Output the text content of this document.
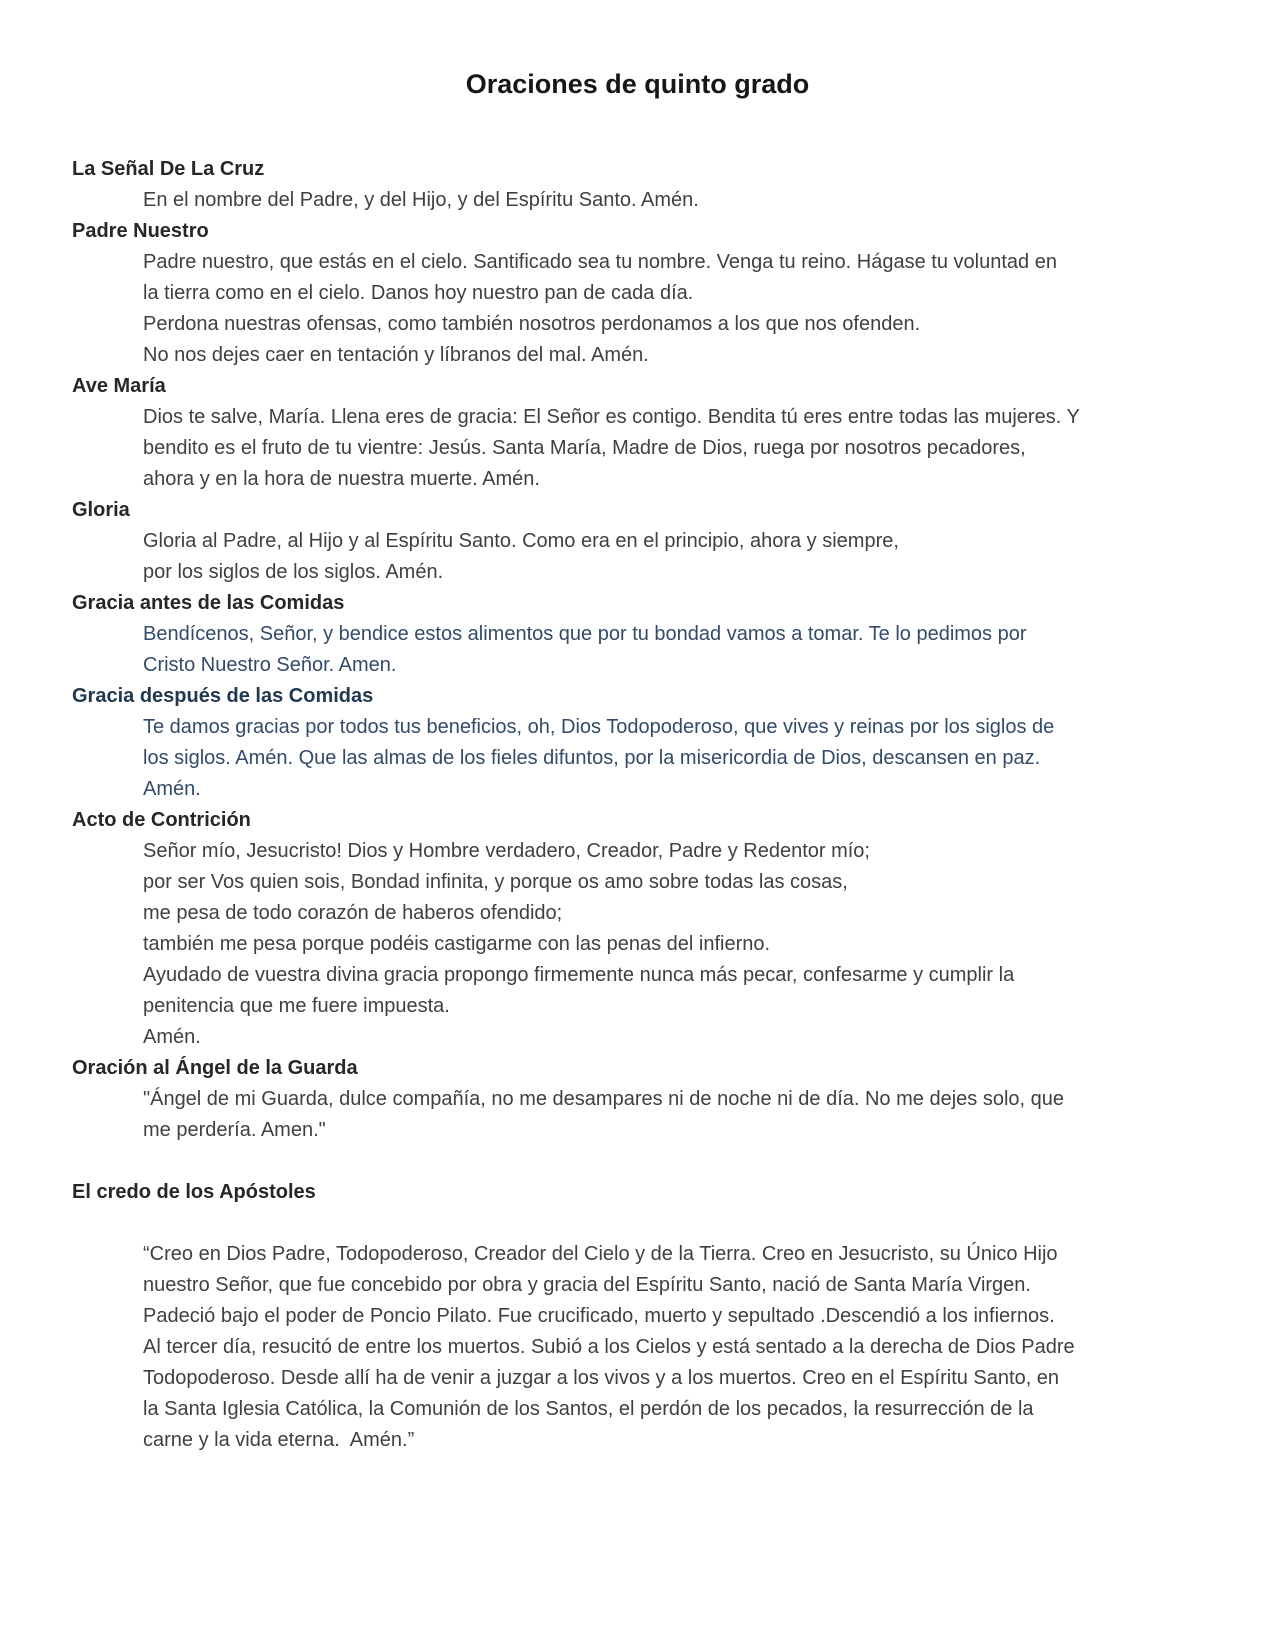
Oraciones de quinto grado
La Señal De La Cruz
En el nombre del Padre, y del Hijo, y del Espíritu Santo. Amén.
Padre Nuestro
Padre nuestro, que estás en el cielo. Santificado sea tu nombre. Venga tu reino. Hágase tu voluntad en
la tierra como en el cielo. Danos hoy nuestro pan de cada día.
Perdona nuestras ofensas, como también nosotros perdonamos a los que nos ofenden.
No nos dejes caer en tentación y líbranos del mal. Amén.
Ave María
Dios te salve, María. Llena eres de gracia: El Señor es contigo. Bendita tú eres entre todas las mujeres. Y
bendito es el fruto de tu vientre: Jesús. Santa María, Madre de Dios, ruega por nosotros pecadores,
ahora y en la hora de nuestra muerte. Amén.
Gloria
Gloria al Padre, al Hijo y al Espíritu Santo. Como era en el principio, ahora y siempre,
por los siglos de los siglos. Amén.
Gracia antes de las Comidas
Bendícenos, Señor, y bendice estos alimentos que por tu bondad vamos a tomar. Te lo pedimos por
Cristo Nuestro Señor. Amen.
Gracia después de las Comidas
Te damos gracias por todos tus beneficios, oh, Dios Todopoderoso, que vives y reinas por los siglos de
los siglos. Amén. Que las almas de los fieles difuntos, por la misericordia de Dios, descansen en paz.
Amén.
Acto de Contrición
Señor mío, Jesucristo! Dios y Hombre verdadero, Creador, Padre y Redentor mío;
por ser Vos quien sois, Bondad infinita, y porque os amo sobre todas las cosas,
me pesa de todo corazón de haberos ofendido;
también me pesa porque podéis castigarme con las penas del infierno.
Ayudado de vuestra divina gracia propongo firmemente nunca más pecar, confesarme y cumplir la
penitencia que me fuere impuesta.
Amén.
Oración al Ángel de la Guarda
"Ángel de mi Guarda, dulce compañía, no me desampares ni de noche ni de día. No me dejes solo, que
me perdería. Amen."
El credo de los Apóstoles
“Creo en Dios Padre, Todopoderoso, Creador del Cielo y de la Tierra. Creo en Jesucristo, su Único Hijo
nuestro Señor, que fue concebido por obra y gracia del Espíritu Santo, nació de Santa María Virgen.
Padeció bajo el poder de Poncio Pilato. Fue crucificado, muerto y sepultado .Descendió a los infiernos.
Al tercer día, resucitó de entre los muertos. Subió a los Cielos y está sentado a la derecha de Dios Padre
Todopoderoso. Desde allí ha de venir a juzgar a los vivos y a los muertos. Creo en el Espíritu Santo, en
la Santa Iglesia Católica, la Comunión de los Santos, el perdón de los pecados, la resurrección de la
carne y la vida eterna.  Amén.”
